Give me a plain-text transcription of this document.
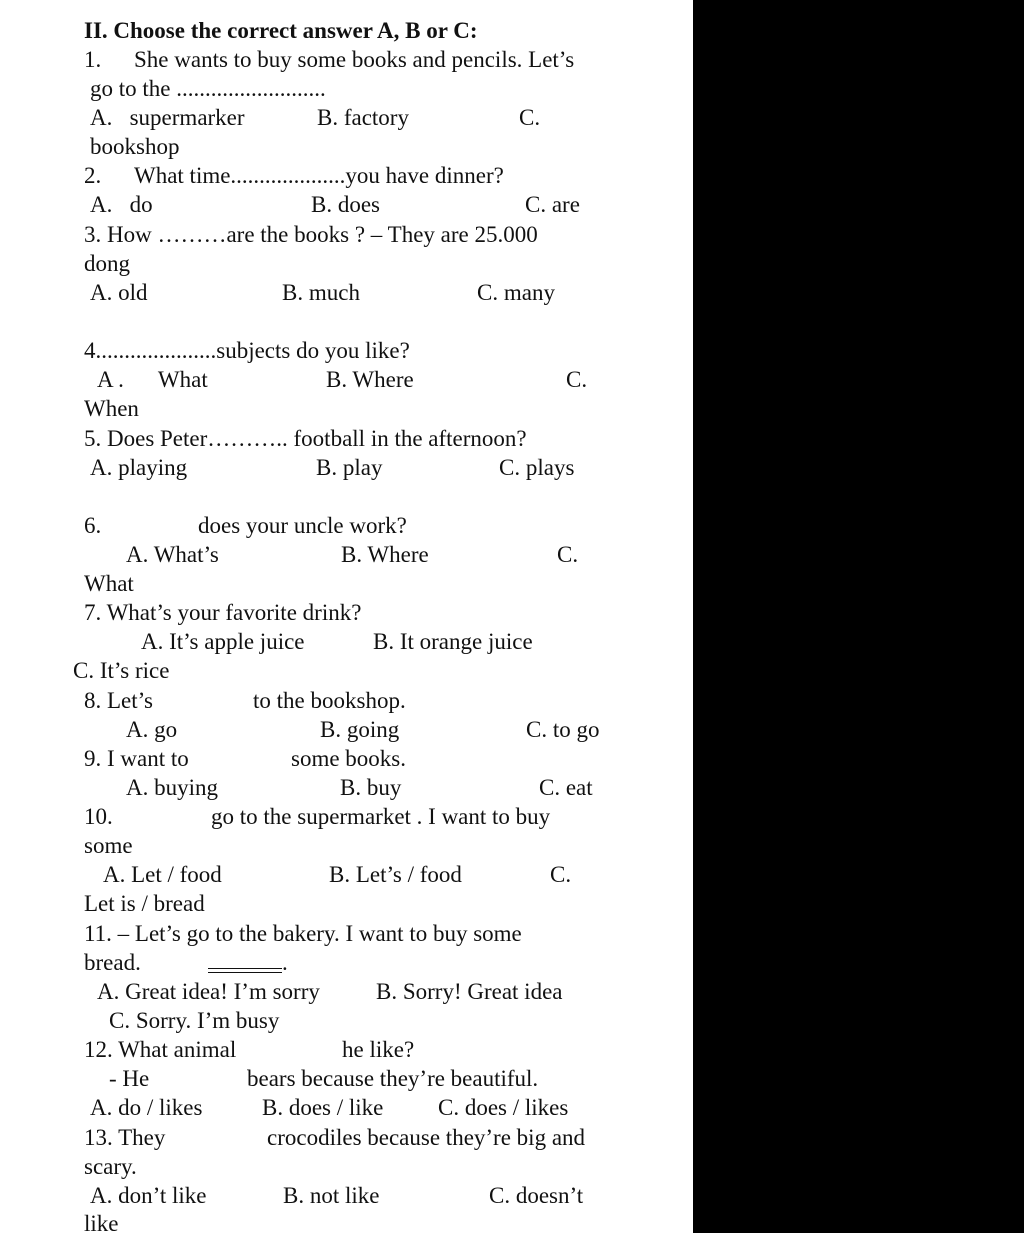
II. Choose the correct answer A, B or C:
1. She wants to buy some books and pencils. Let’s
go to the ..........................
A.   supermarker	B. factory	C.
bookshop
2. What time....................you have dinner?
A.   do	B. does	C. are
3. How ………are the books ? – They are 25.000
dong
A. old	B. much	C. many
4.....................subjects do you like?
A .      What	B. Where	C.
When
5. Does Peter……….. football in the afternoon?
A. playing	B. play	C. plays
6.	does your uncle work?
A. What’s	B. Where	C.
What
7. What’s your favorite drink?
A. It’s apple juice	B. It orange juice
C. It’s rice
8. Let’s	to the bookshop.
A. go	B. going	C. to go
9. I want to	some books.
A. buying	B. buy	C. eat
10.	go to the supermarket . I want to buy
some
A. Let / food	B. Let’s / food	C.
Let is / bread
11. – Let’s go to the bakery. I want to buy some
bread.	.
A. Great idea! I’m sorry B. Sorry! Great idea
C. Sorry. I’m busy
12. What animal	he like?
- He	bears because they’re beautiful.
A. do / likes	B. does / like C. does / likes
13. They	crocodiles because they’re big and
scary.
A. don’t like	B. not like	C. doesn’t
like
